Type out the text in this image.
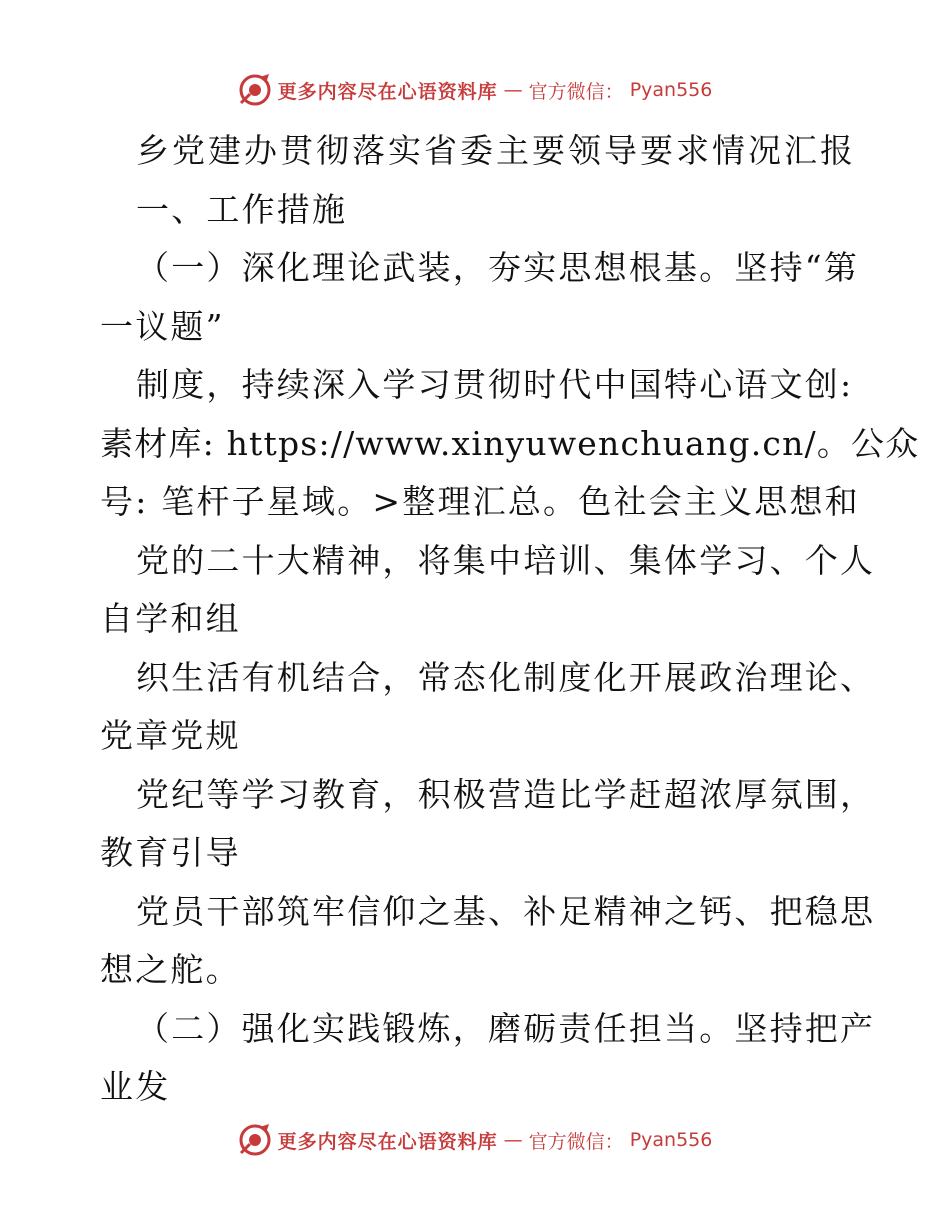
更多内容尽在心语资料库 — 官方微信： Pyan556
乡党建办贯彻落实省委主要领导要求情况汇报
一、工作措施
（一）深化理论武装，夯实思想根基。坚持“第
一议题”
制度，持续深入学习贯彻时代中国特心语文创:
素材库: https://www.xinyuwenchuang.cn/。公众
号: 笔杆子星域。>整理汇总。色社会主义思想和
党的二十大精神，将集中培训、集体学习、个人
自学和组
织生活有机结合，常态化制度化开展政治理论、
党章党规
党纪等学习教育，积极营造比学赶超浓厚氛围，
教育引导
党员干部筑牢信仰之基、补足精神之钙、把稳思
想之舵。
（二）强化实践锻炼，磨砺责任担当。坚持把产
业发
更多内容尽在心语资料库 — 官方微信： Pyan556
